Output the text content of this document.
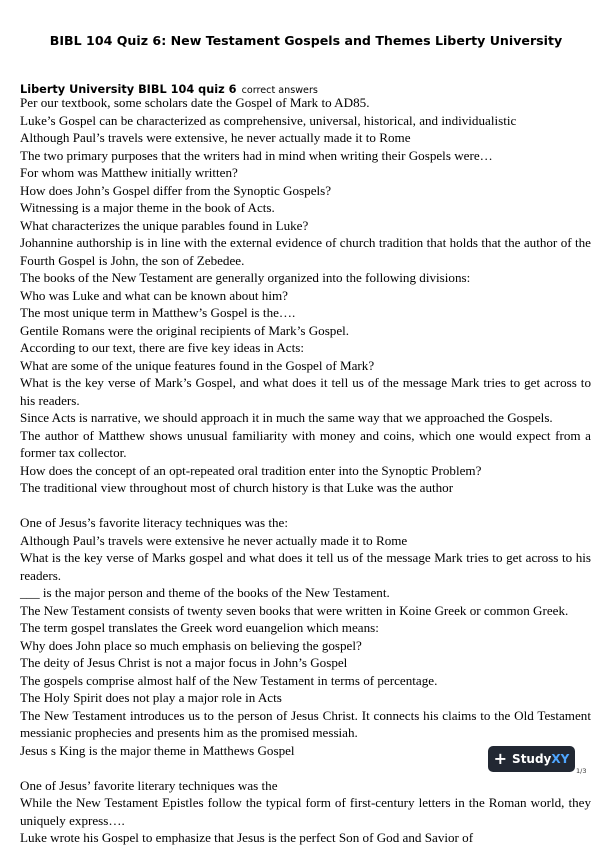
BIBL 104 Quiz 6: New Testament Gospels and Themes Liberty University
Liberty University BIBL 104 quiz 6 correct answers
Per our textbook, some scholars date the Gospel of Mark to AD85.
Luke’s Gospel can be characterized as comprehensive, universal, historical, and individualistic
Although Paul’s travels were extensive, he never actually made it to Rome
The two primary purposes that the writers had in mind when writing their Gospels were…
For whom was Matthew initially written?
How does John’s Gospel differ from the Synoptic Gospels?
Witnessing is a major theme in the book of Acts.
What characterizes the unique parables found in Luke?
Johannine authorship is in line with the external evidence of church tradition that holds that the author of the Fourth Gospel is John, the son of Zebedee.
The books of the New Testament are generally organized into the following divisions:
Who was Luke and what can be known about him?
The most unique term in Matthew’s Gospel is the….
Gentile Romans were the original recipients of Mark’s Gospel.
According to our text, there are five key ideas in Acts:
What are some of the unique features found in the Gospel of Mark?
What is the key verse of Mark’s Gospel, and what does it tell us of the message Mark tries to get across to his readers.
Since Acts is narrative, we should approach it in much the same way that we approached the Gospels.
The author of Matthew shows unusual familiarity with money and coins, which one would expect from a former tax collector.
How does the concept of an opt-repeated oral tradition enter into the Synoptic Problem?
The traditional view throughout most of church history is that Luke was the author
One of Jesus’s favorite literacy techniques was the:
Although Paul’s travels were extensive he never actually made it to Rome
What is the key verse of Marks gospel and what does it tell us of the message Mark tries to get across to his readers.
___ is the major person and theme of the books of the New Testament.
The New Testament consists of twenty seven books that were written in Koine Greek or common Greek.
The term gospel translates the Greek word euangelion which means:
Why does John place so much emphasis on believing the gospel?
The deity of Jesus Christ is not a major focus in John’s Gospel
The gospels comprise almost half of the New Testament in terms of percentage.
The Holy Spirit does not play a major role in Acts
The New Testament introduces us to the person of Jesus Christ. It connects his claims to the Old Testament messianic prophecies and presents him as the promised messiah.
Jesus s King is the major theme in Matthews Gospel
One of Jesus’ favorite literary techniques was the
While the New Testament Epistles follow the typical form of first-century letters in the Roman world, they uniquely express….
Luke wrote his Gospel to emphasize that Jesus is the perfect Son of God and Savior of
+ Study XY
1/3
